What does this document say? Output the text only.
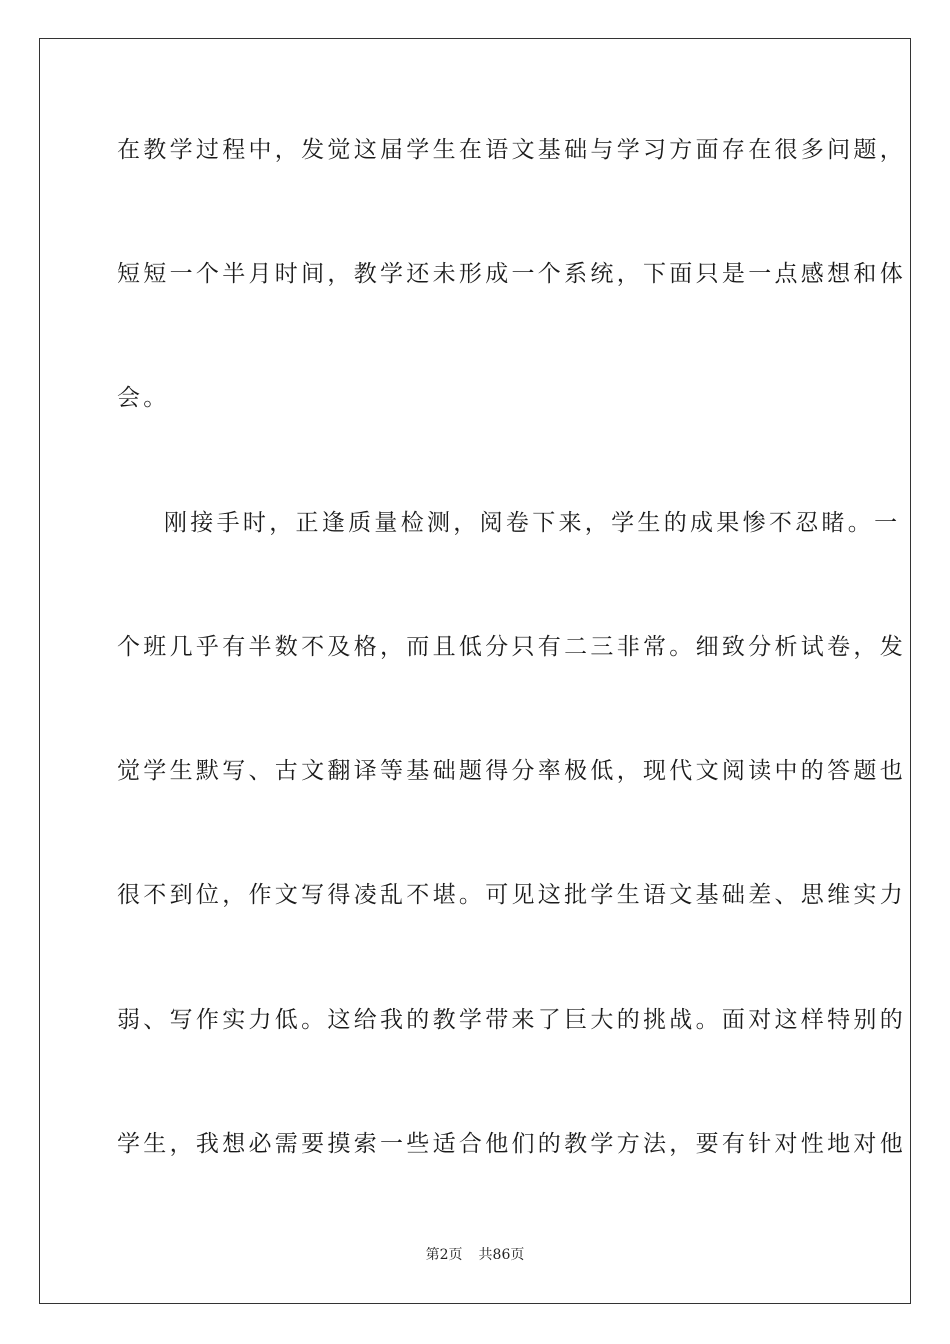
在教学过程中，发觉这届学生在语文基础与学习方面存在很多问题，
短短一个半月时间，教学还未形成一个系统，下面只是一点感想和体
会。
刚接手时，正逢质量检测，阅卷下来，学生的成果惨不忍睹。一
个班几乎有半数不及格，而且低分只有二三非常。细致分析试卷，发
觉学生默写、古文翻译等基础题得分率极低，现代文阅读中的答题也
很不到位，作文写得凌乱不堪。可见这批学生语文基础差、思维实力
弱、写作实力低。这给我的教学带来了巨大的挑战。面对这样特别的
学生，我想必需要摸索一些适合他们的教学方法，要有针对性地对他
第2页 共86页
